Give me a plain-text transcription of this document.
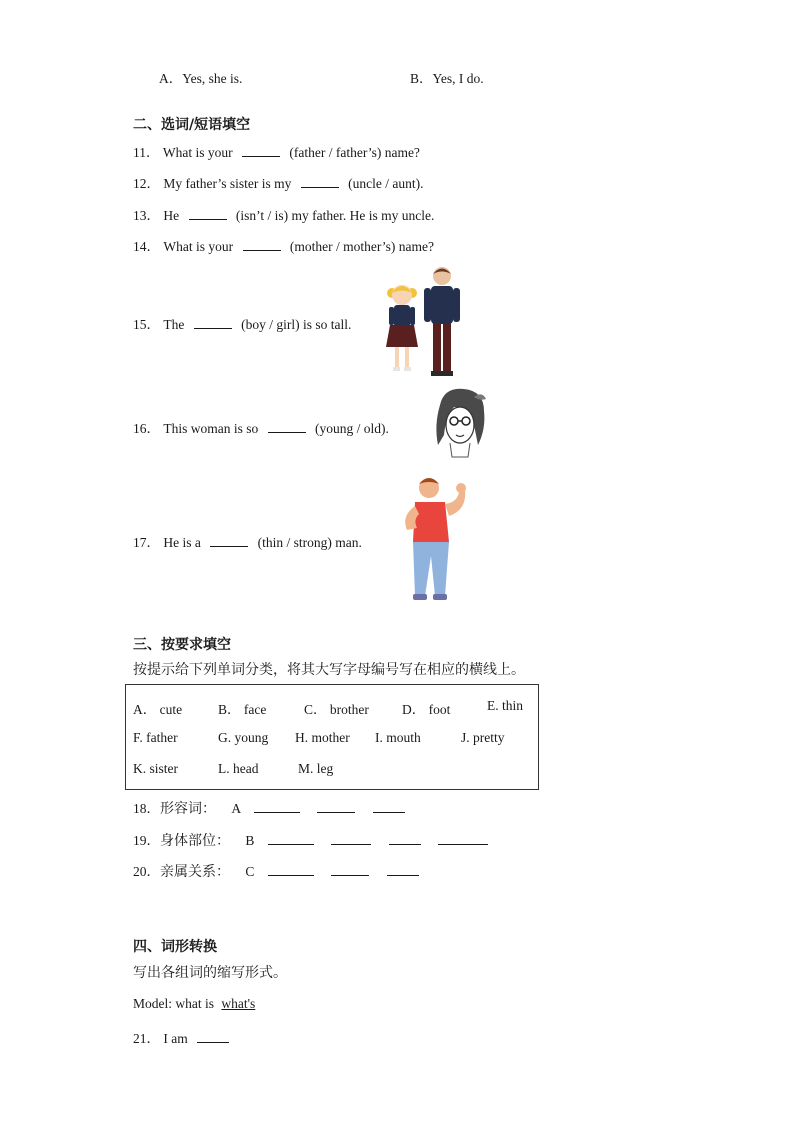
A．Yes, she is.	B．Yes, I do.
二、选词/短语填空
11． What is your	(father / father’s) name?
12． My father’s sister is my	(uncle / aunt).
13． He	(isn’t / is) my father. He is my uncle.
14． What is your	(mother / mother’s) name?
15． The	(boy / girl) is so tall.
16． This woman is so	(young / old).
17． He is a	(thin / strong) man.
三、按要求填空
按提示给下列单词分类，将其大写字母编号写在相应的横线上。
A． cute	B． face	C． brother D． foot	E. thin
F. father	G. young H. mother I. mouth	J. pretty
K. sister	L. head	M. leg
18．形容词： A
19．身体部位： B
20．亲属关系： C
四、词形转换
写出各组词的缩写形式。
Model: what is what's
21． I am
